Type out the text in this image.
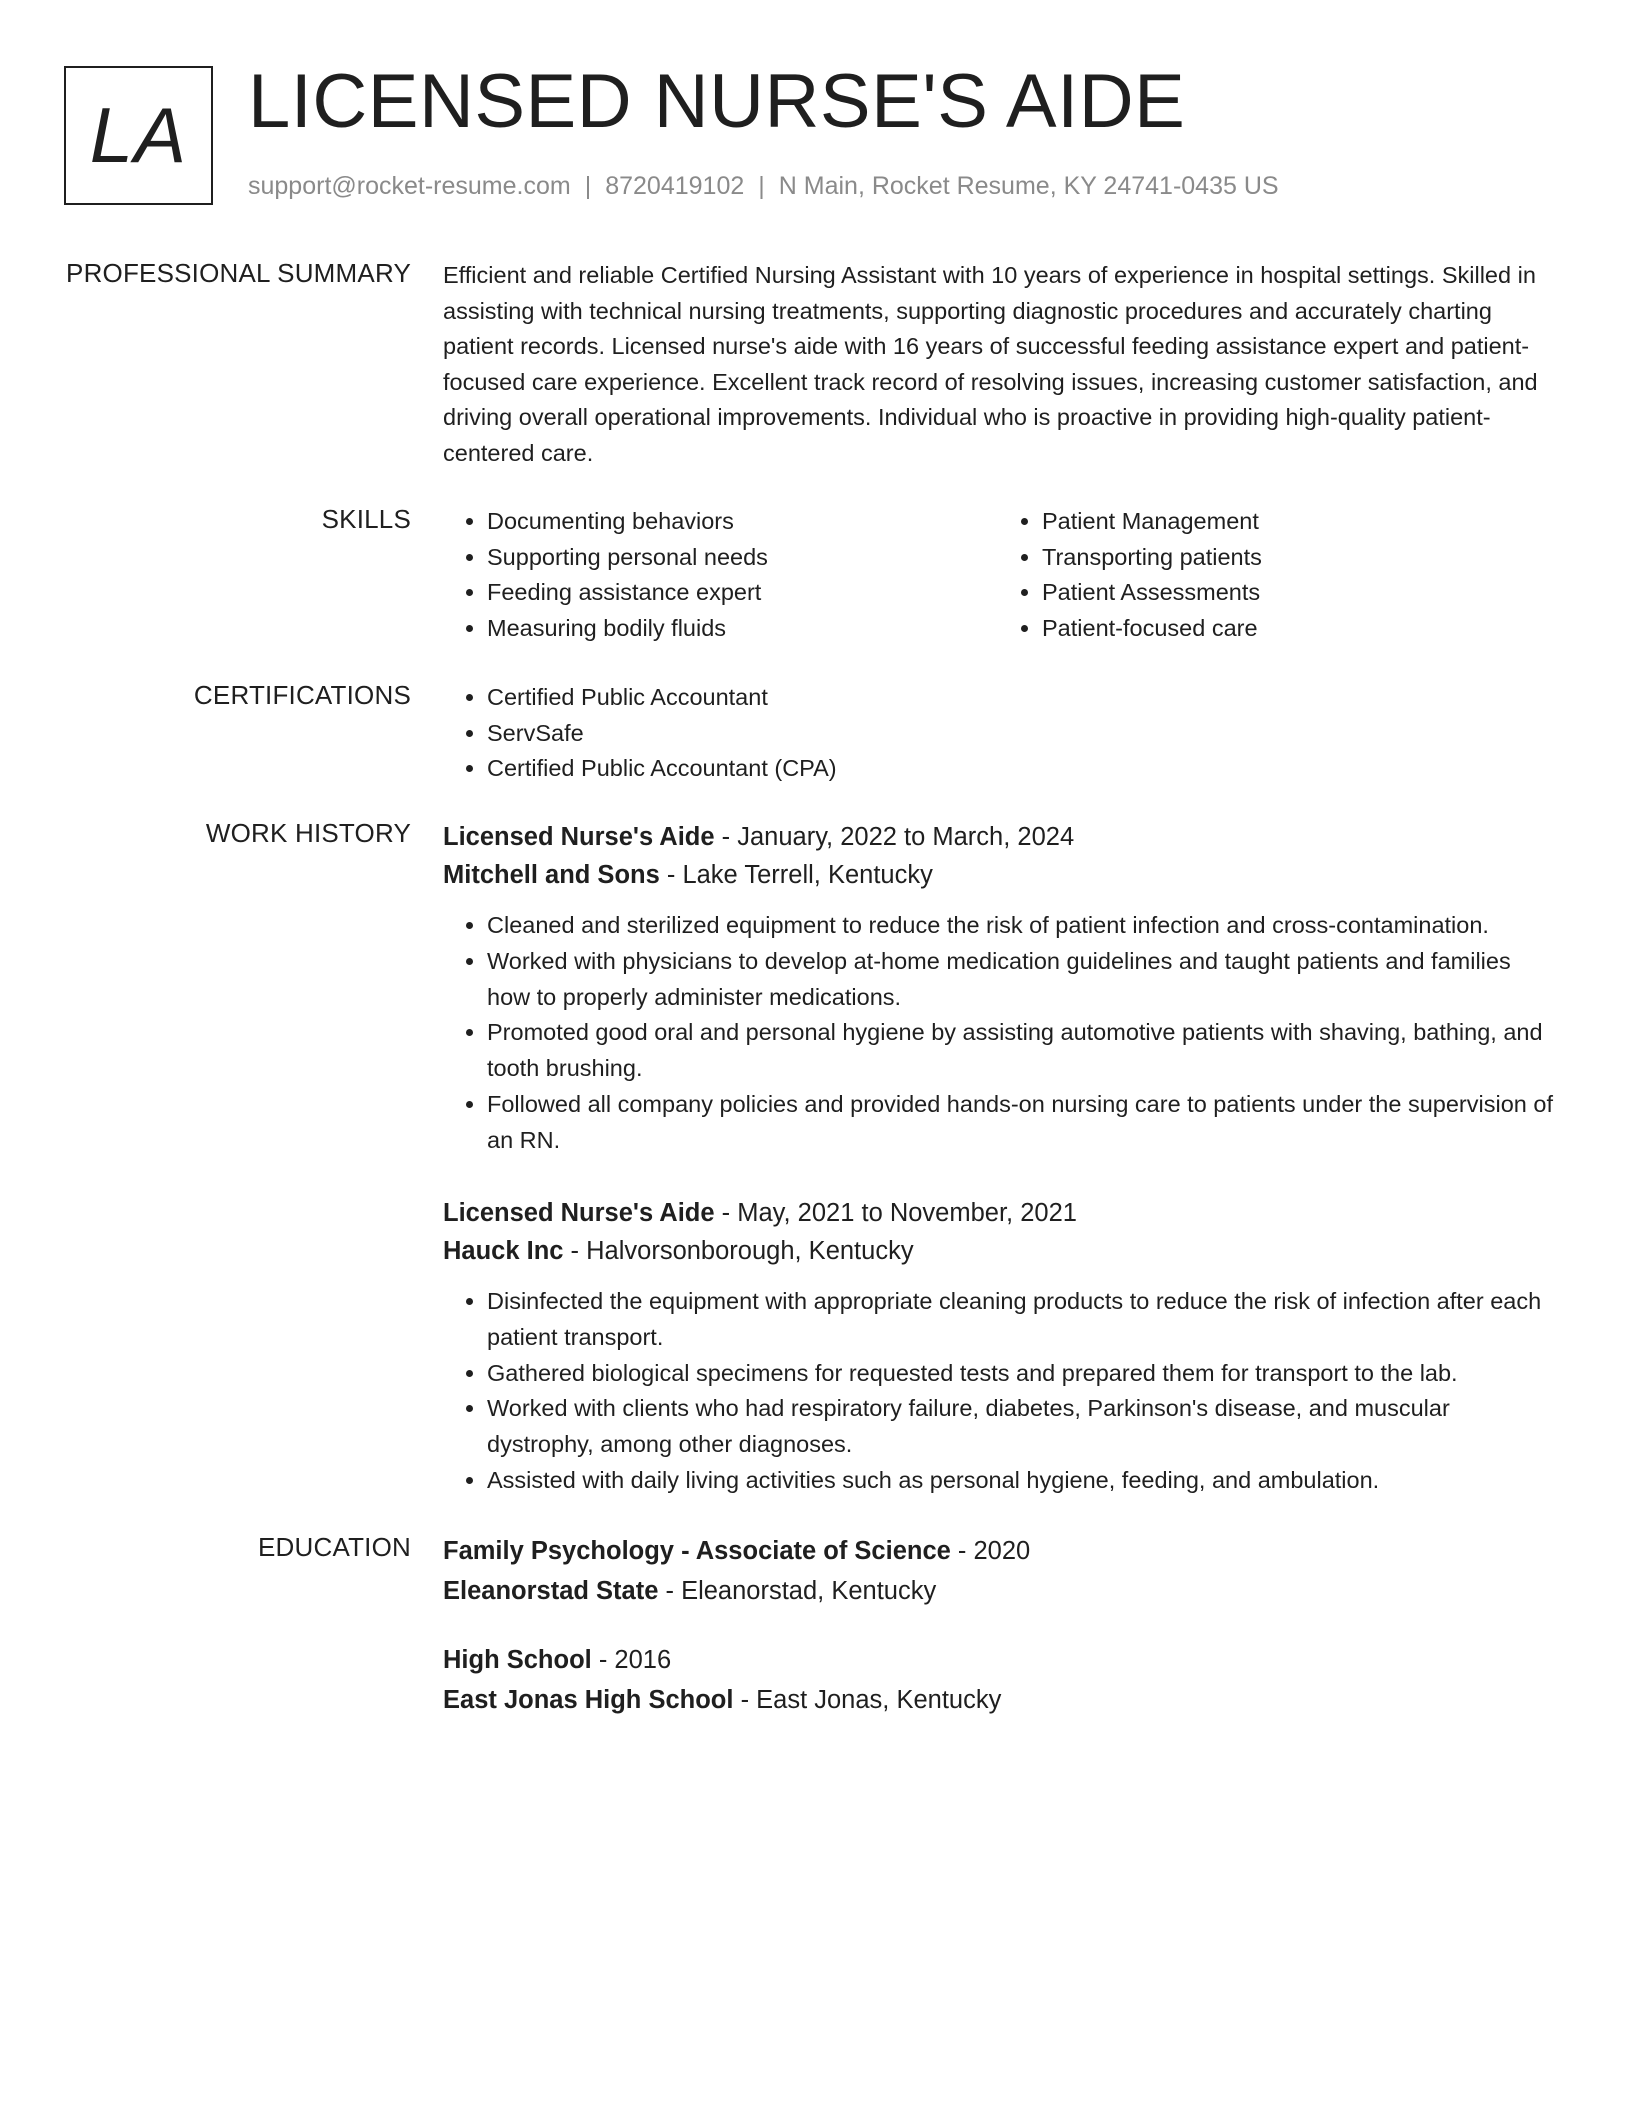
LA LICENSED NURSE'S AIDE
support@rocket-resume.com | 8720419102 | N Main, Rocket Resume, KY 24741-0435 US
PROFESSIONAL SUMMARY Efficient and reliable Certified Nursing Assistant with 10 years of experience in hospital settings. Skilled in assisting with technical nursing treatments, supporting diagnostic procedures and accurately charting patient records. Licensed nurse's aide with 16 years of successful feeding assistance expert and patient-focused care experience. Excellent track record of resolving issues, increasing customer satisfaction, and driving overall operational improvements. Individual who is proactive in providing high-quality patient-centered care.

SKILLS	• Documenting behaviors
• Supporting personal needs
• Feeding assistance expert
• Measuring bodily fluids
• Patient Management
• Transporting patients
• Patient Assessments
• Patient-focused care
CERTIFICATIONS	• Certified Public Accountant
• ServSafe
• Certified Public Accountant (CPA)
WORK HISTORY Licensed Nurse's Aide - January, 2022 to March, 2024
Mitchell and Sons - Lake Terrell, Kentucky
• Cleaned and sterilized equipment to reduce the risk of patient infection and cross-contamination.
• Worked with physicians to develop at-home medication guidelines and taught patients and families how to properly administer medications.
• Promoted good oral and personal hygiene by assisting automotive patients with shaving, bathing, and tooth brushing.
• Followed all company policies and provided hands-on nursing care to patients under the supervision of an RN.
Licensed Nurse's Aide - May, 2021 to November, 2021
Hauck Inc - Halvorsonborough, Kentucky
• Disinfected the equipment with appropriate cleaning products to reduce the risk of infection after each patient transport.
• Gathered biological specimens for requested tests and prepared them for transport to the lab.
• Worked with clients who had respiratory failure, diabetes, Parkinson's disease, and muscular dystrophy, among other diagnoses.
• Assisted with daily living activities such as personal hygiene, feeding, and ambulation.
EDUCATION Family Psychology - Associate of Science - 2020
Eleanorstad State - Eleanorstad, Kentucky
High School - 2016
East Jonas High School - East Jonas, Kentucky
